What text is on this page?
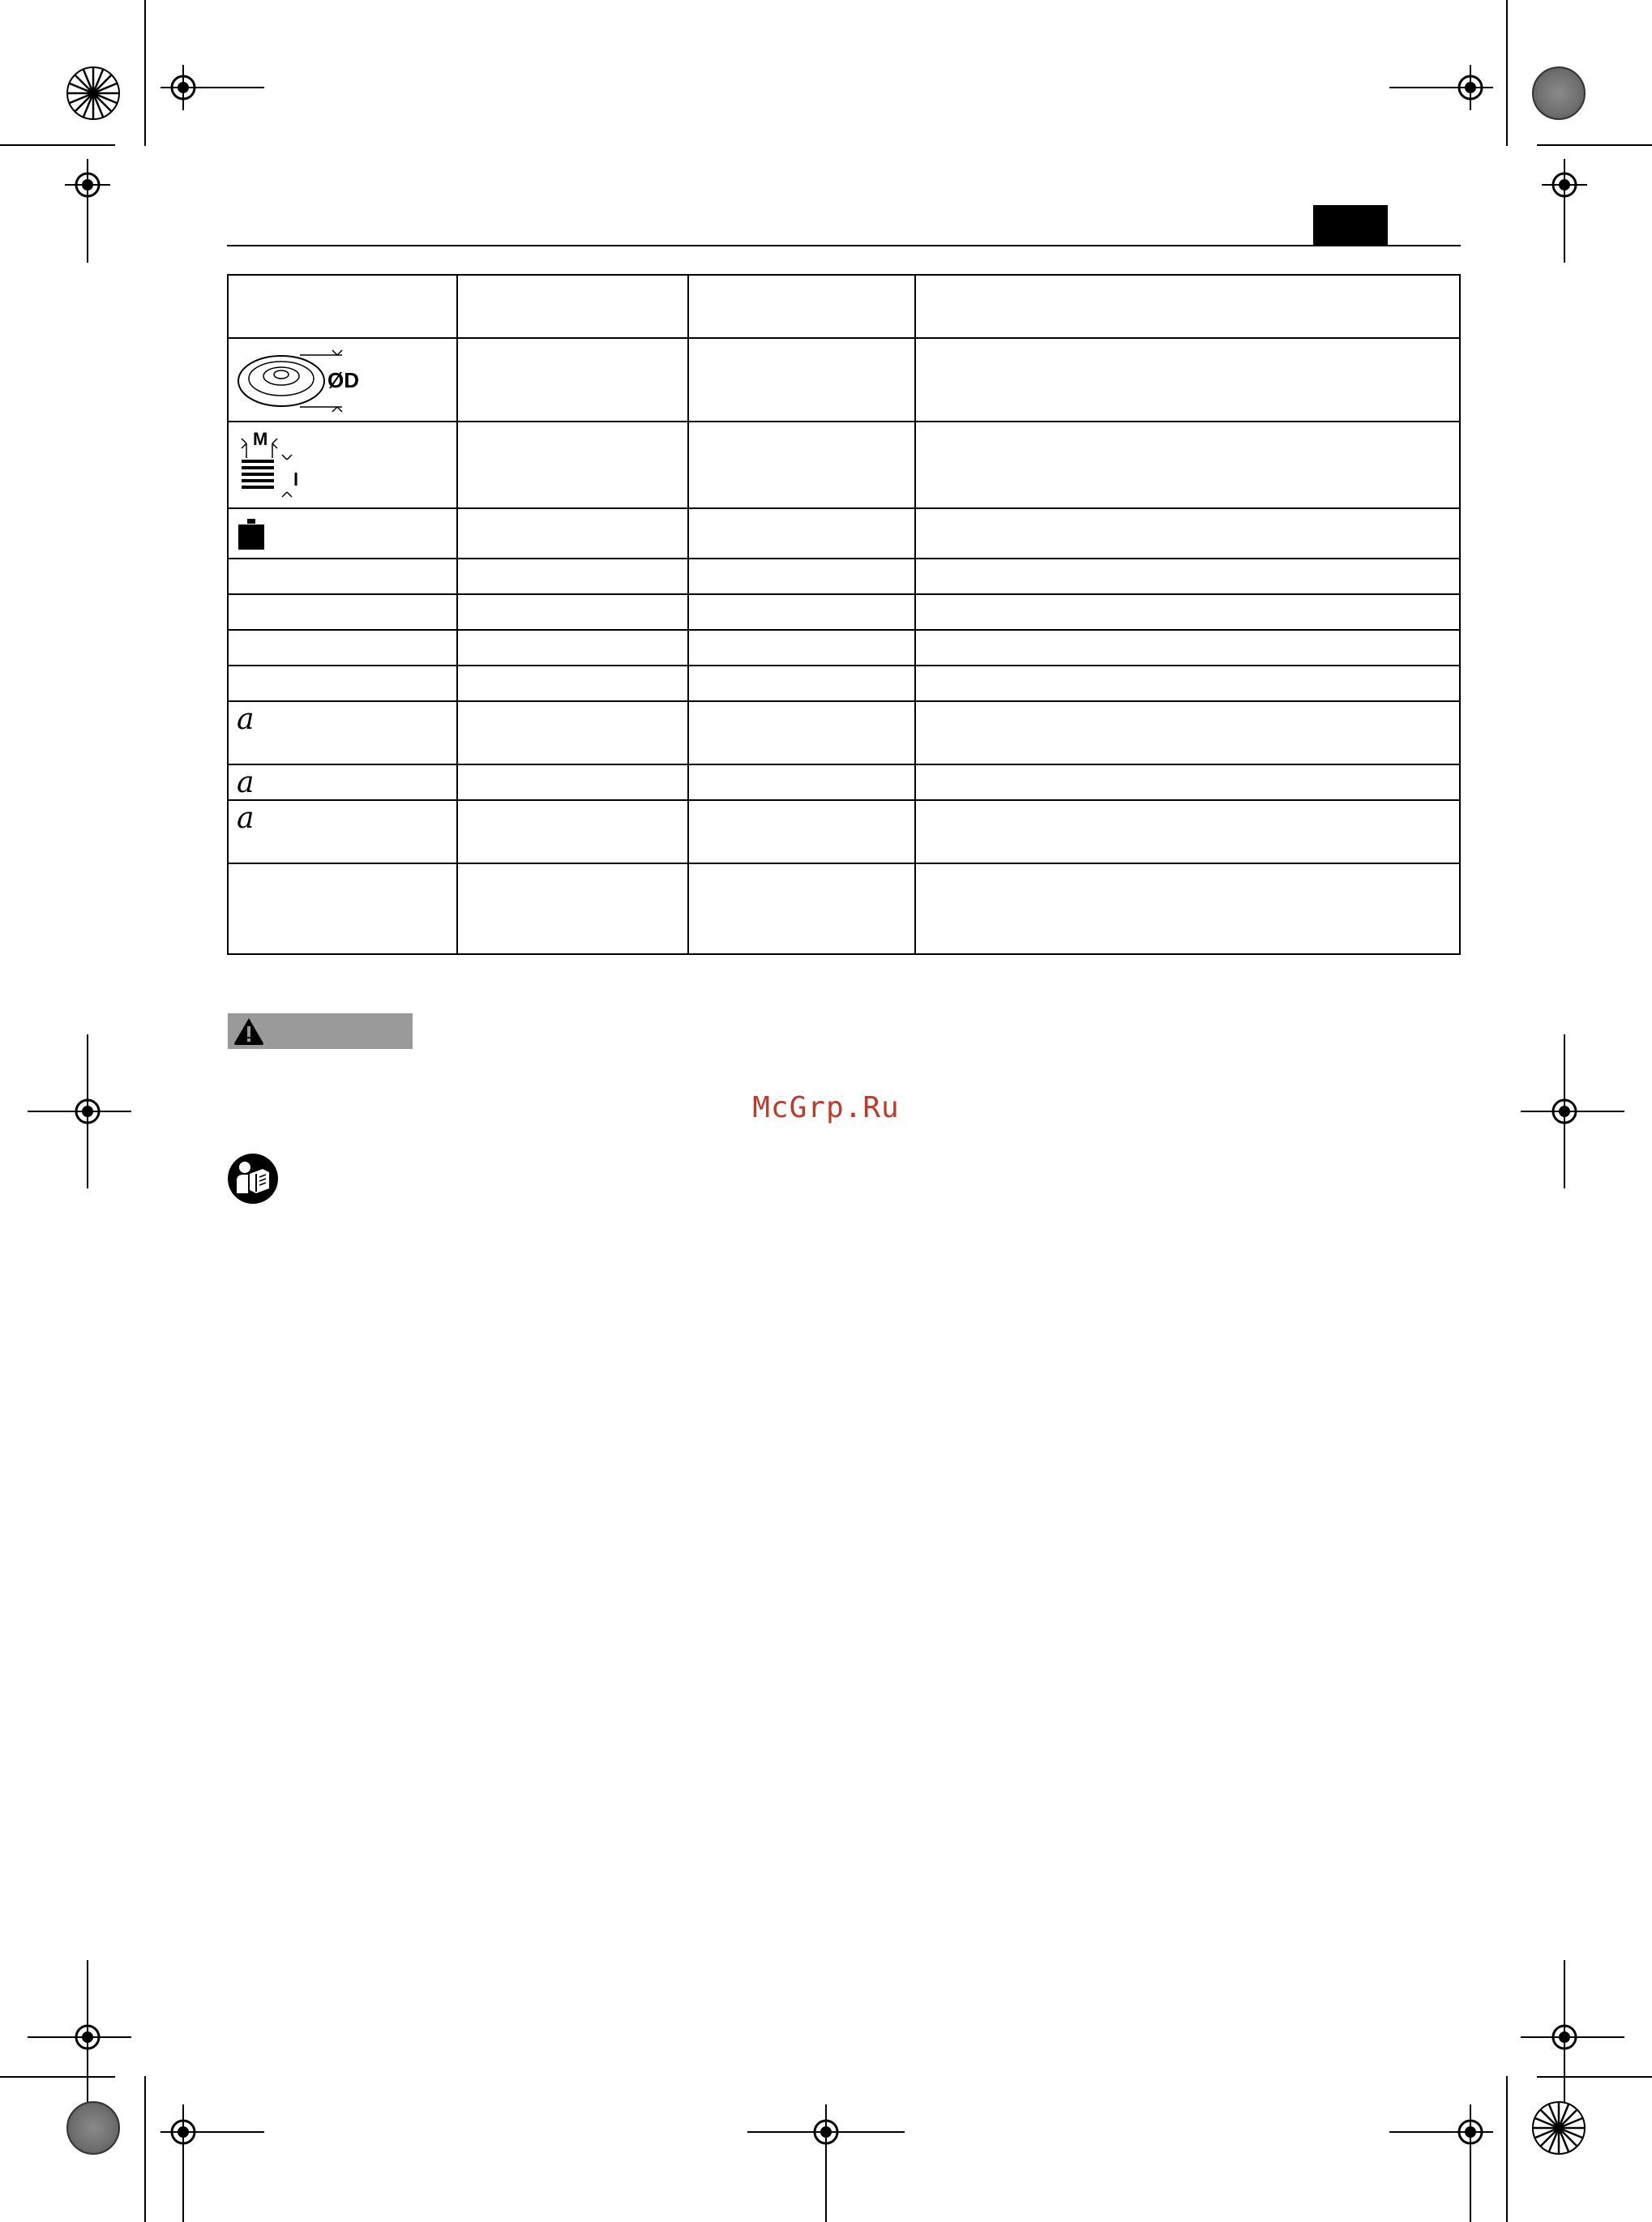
ØD			

M
l			

a			
a			
a			

McGrp.Ru
